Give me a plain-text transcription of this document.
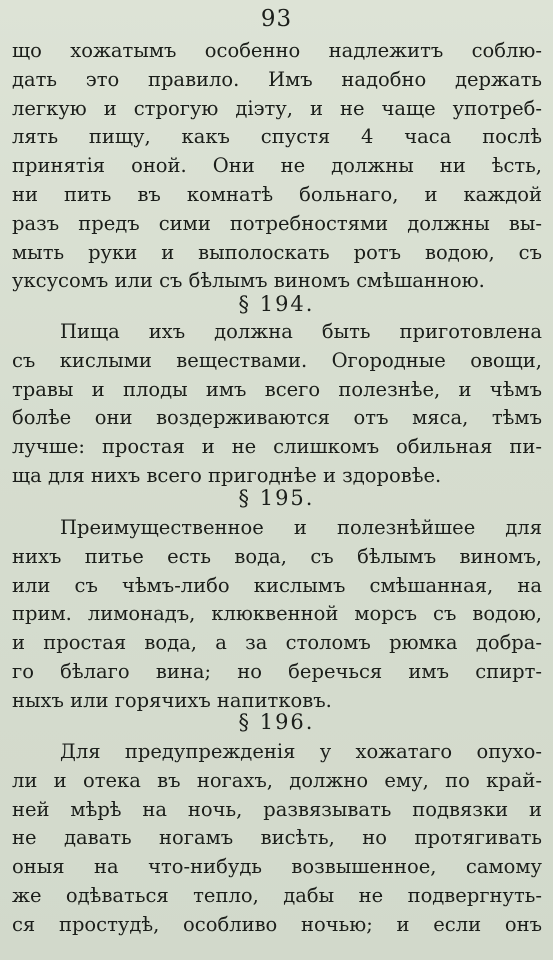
93
що хожатымъ особенно надлежитъ соблю-
дать это правило. Имъ надобно держать
легкую и строгую діэту, и не чаще употреб-
лять пищу, какъ спустя 4 часа послѣ
принятія оной. Они не должны ни ѣсть,
ни пить въ комнатѣ больнаго, и каждой
разъ предъ сими потребностями должны вы-
мыть руки и выполоскать ротъ водою, съ
уксусомъ или съ бѣлымъ виномъ смѣшанною.
§ 194.
Пища ихъ должна быть приготовлена
съ кислыми веществами. Огородные овощи,
травы и плоды имъ всего полезнѣе, и чѣмъ
болѣе они воздерживаются отъ мяса, тѣмъ
лучше: простая и не слишкомъ обильная пи-
ща для нихъ всего пригоднѣе и здоровѣе.
§ 195.
Преимущественное и полезнѣйшее для
нихъ питье есть вода, съ бѣлымъ виномъ,
или съ чѣмъ-либо кислымъ смѣшанная, на
прим. лимонадъ, клюквенной морсъ съ водою,
и простая вода, а за столомъ рюмка добра-
го бѣлаго вина; но беречься имъ спирт-
ныхъ или горячихъ напитковъ.
§ 196.
Для предупрежденія у хожатаго опухо-
ли и отека въ ногахъ, должно ему, по край-
ней мѣрѣ на ночь, развязывать подвязки и
не давать ногамъ висѣть, но протягивать
оныя на что-нибудь возвышенное, самому
же одѣваться тепло, дабы не подвергнуть-
ся простудѣ, особливо ночью; и если онъ
